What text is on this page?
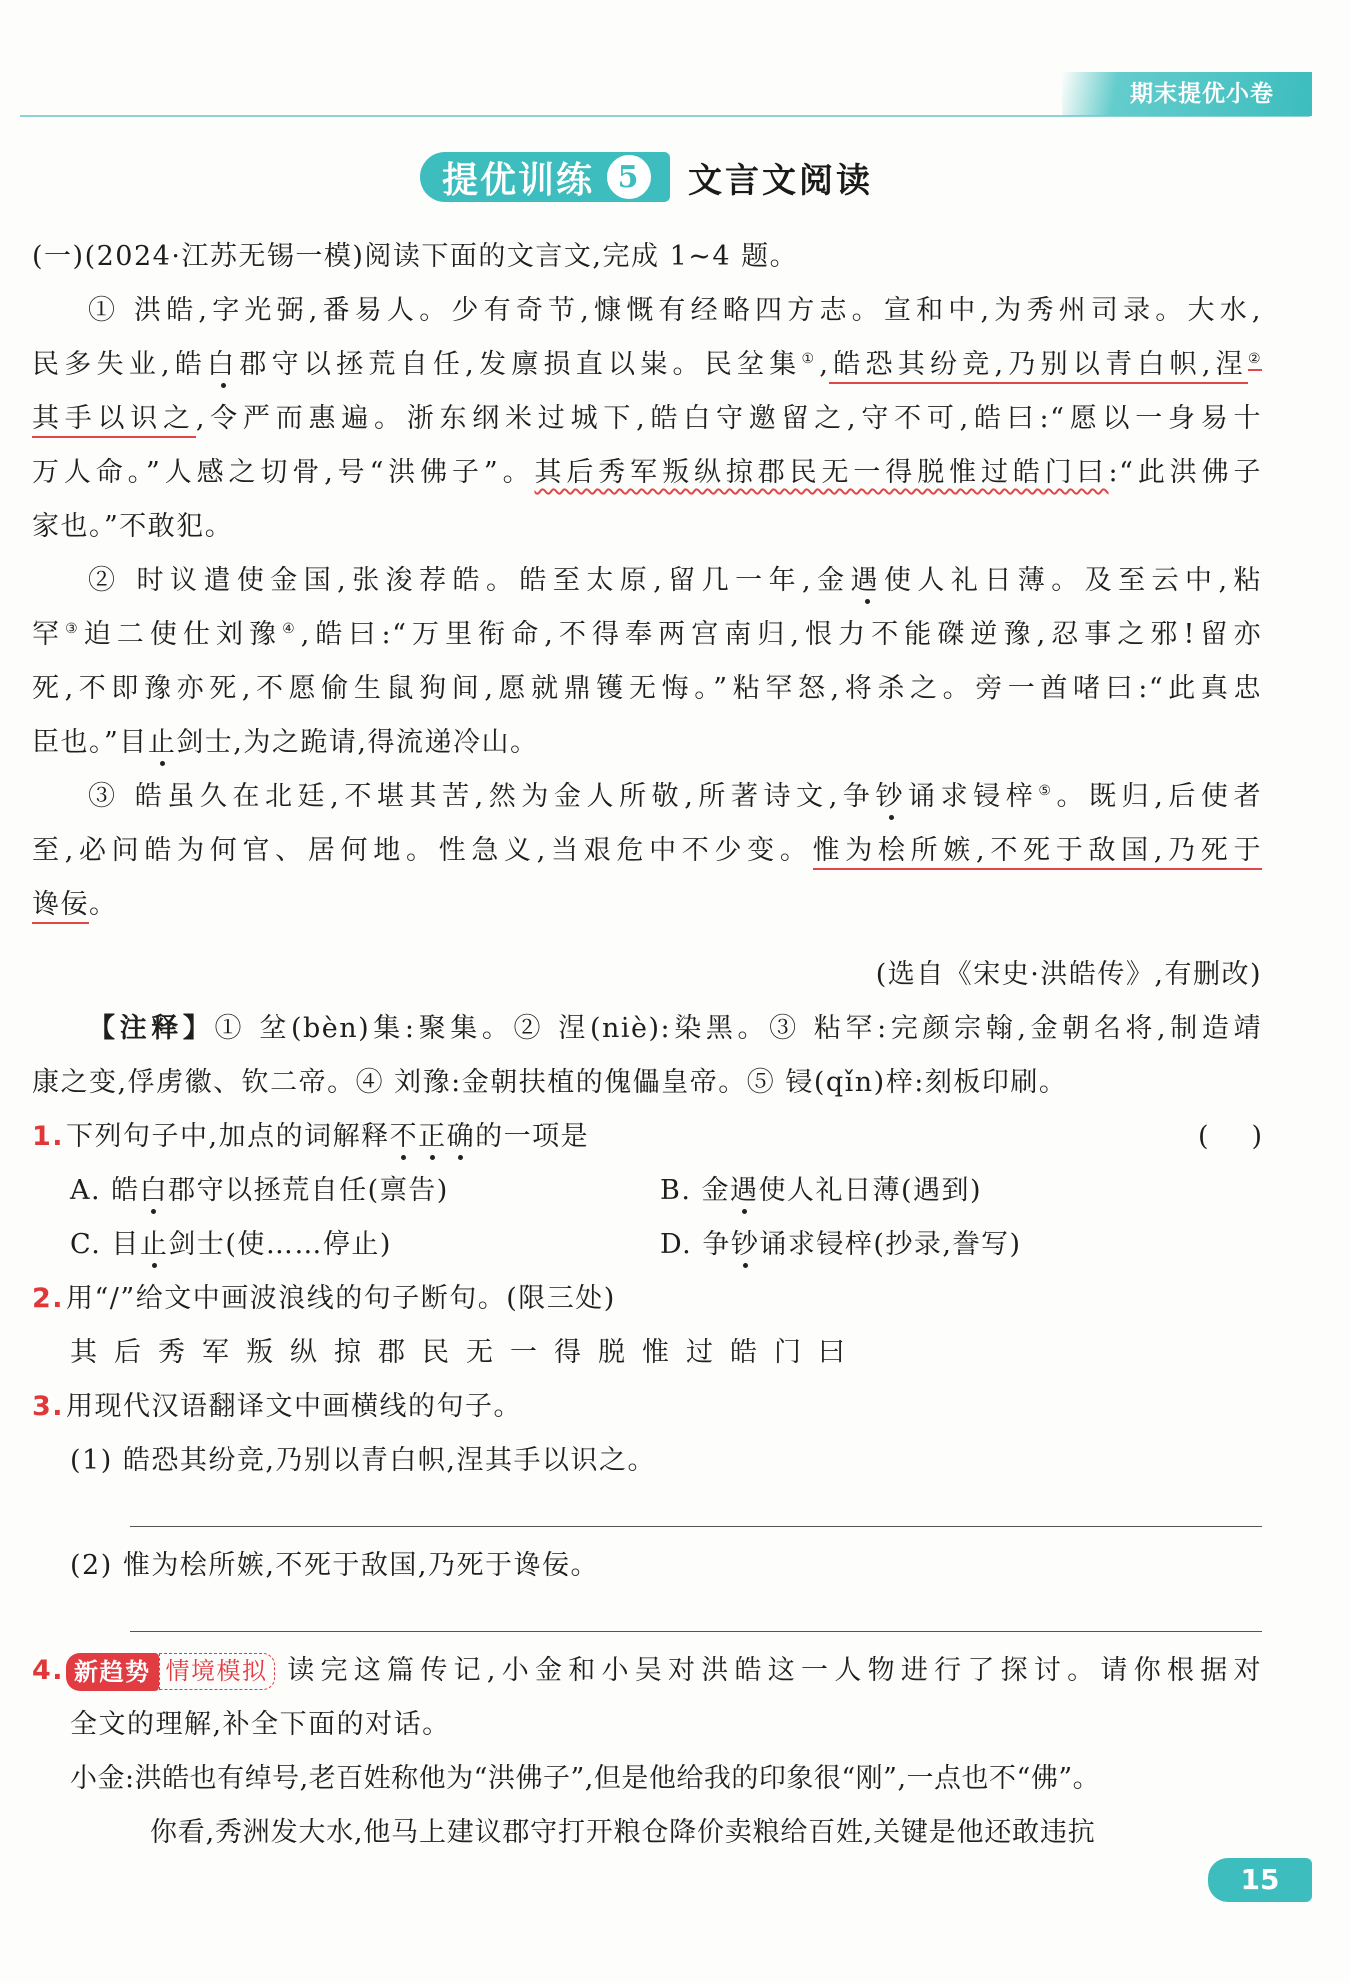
期末提优小卷
提优训练 5	文言文阅读
(一)(2024·江苏无锡一模)阅读下面的文言文,完成 1~4 题。
① 洪皓,字光弼,番易人。少有奇节,慷慨有经略四方志。宣和中,为秀州司录。大水,
民多失业,皓白郡守以拯荒自任,发廪损直以粜。民坌集①,皓恐其纷竞,乃别以青白帜,涅②
其手以识之,令严而惠遍。浙东纲米过城下,皓白守邀留之,守不可,皓曰:“愿以一身易十
万人命。”人感之切骨,号“洪佛子”。其后秀军叛纵掠郡民无一得脱惟过皓门曰:“此洪佛子
家也。”不敢犯。
② 时议遣使金国,张浚荐皓。皓至太原,留几一年,金遇使人礼日薄。及至云中,粘
罕③迫二使仕刘豫④,皓曰:“万里衔命,不得奉两宫南归,恨力不能磔逆豫,忍事之邪!留亦
死,不即豫亦死,不愿偷生鼠狗间,愿就鼎镬无悔。”粘罕怒,将杀之。旁一酋啫曰:“此真忠
臣也。”目止剑士,为之跪请,得流递冷山。
③ 皓虽久在北廷,不堪其苦,然为金人所敬,所著诗文,争钞诵求锓梓⑤。既归,后使者
至,必问皓为何官、居何地。性急义,当艰危中不少变。惟为桧所嫉,不死于敌国,乃死于
谗佞。
(选自《宋史·洪皓传》,有删改)
【注释】① 坌(bèn)集:聚集。② 涅(niè):染黑。③ 粘罕:完颜宗翰,金朝名将,制造靖
康之变,俘虏徽、钦二帝。④ 刘豫:金朝扶植的傀儡皇帝。⑤ 锓(qǐn)梓:刻板印刷。
1.下列句子中,加点的词解释不正确的一项是	(     )
A. 皓白郡守以拯荒自任(禀告)	B. 金遇使人礼日薄(遇到)
C. 目止剑士(使……停止)	D. 争钞诵求锓梓(抄录,誊写)
2.用“/”给文中画波浪线的句子断句。(限三处)
其后秀军叛纵掠郡民无一得脱惟过皓门曰
3.用现代汉语翻译文中画横线的句子。
(1) 皓恐其纷竞,乃别以青白帜,涅其手以识之。
(2) 惟为桧所嫉,不死于敌国,乃死于谗佞。
4. 新趋势 情境模拟 读完这篇传记,小金和小吴对洪皓这一人物进行了探讨。请你根据对
全文的理解,补全下面的对话。
小金:洪皓也有绰号,老百姓称他为“洪佛子”,但是他给我的印象很“刚”,一点也不“佛”。
你看,秀洲发大水,他马上建议郡守打开粮仓降价卖粮给百姓,关键是他还敢违抗
15
